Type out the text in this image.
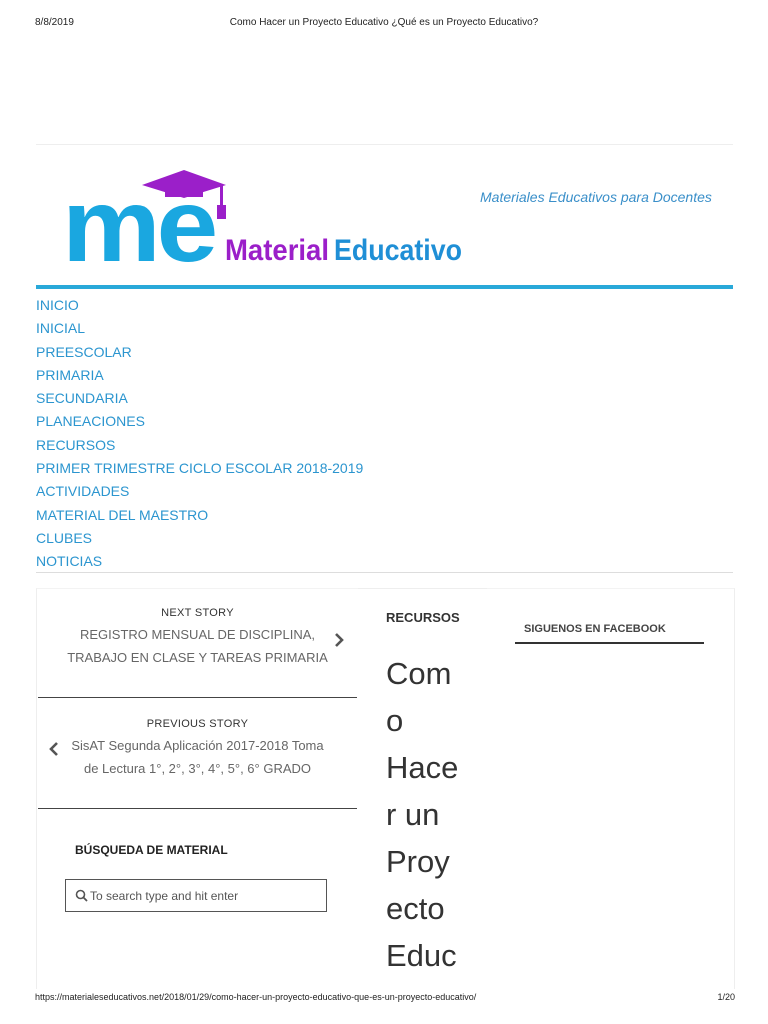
8/8/2019	Como Hacer un Proyecto Educativo ¿Qué es un Proyecto Educativo?
me Material Educativo
Materiales Educativos para Docentes
INICIO
INICIAL
PREESCOLAR
PRIMARIA
SECUNDARIA
PLANEACIONES
RECURSOS
PRIMER TRIMESTRE CICLO ESCOLAR 2018-2019
ACTIVIDADES
MATERIAL DEL MAESTRO
CLUBES
NOTICIAS
NEXT STORY
REGISTRO MENSUAL DE DISCIPLINA,
TRABAJO EN CLASE Y TAREAS PRIMARIA
PREVIOUS STORY
SisAT Segunda Aplicación 2017-2018 Toma
de Lectura 1°, 2°, 3°, 4°, 5°, 6° GRADO
BÚSQUEDA DE MATERIAL
To search type and hit enter
RECURSOS
Com
o
Hace
r un
Proy
ecto
Educ
SIGUENOS EN FACEBOOK
https://materialeseducativos.net/2018/01/29/como-hacer-un-proyecto-educativo-que-es-un-proyecto-educativo/	1/20
